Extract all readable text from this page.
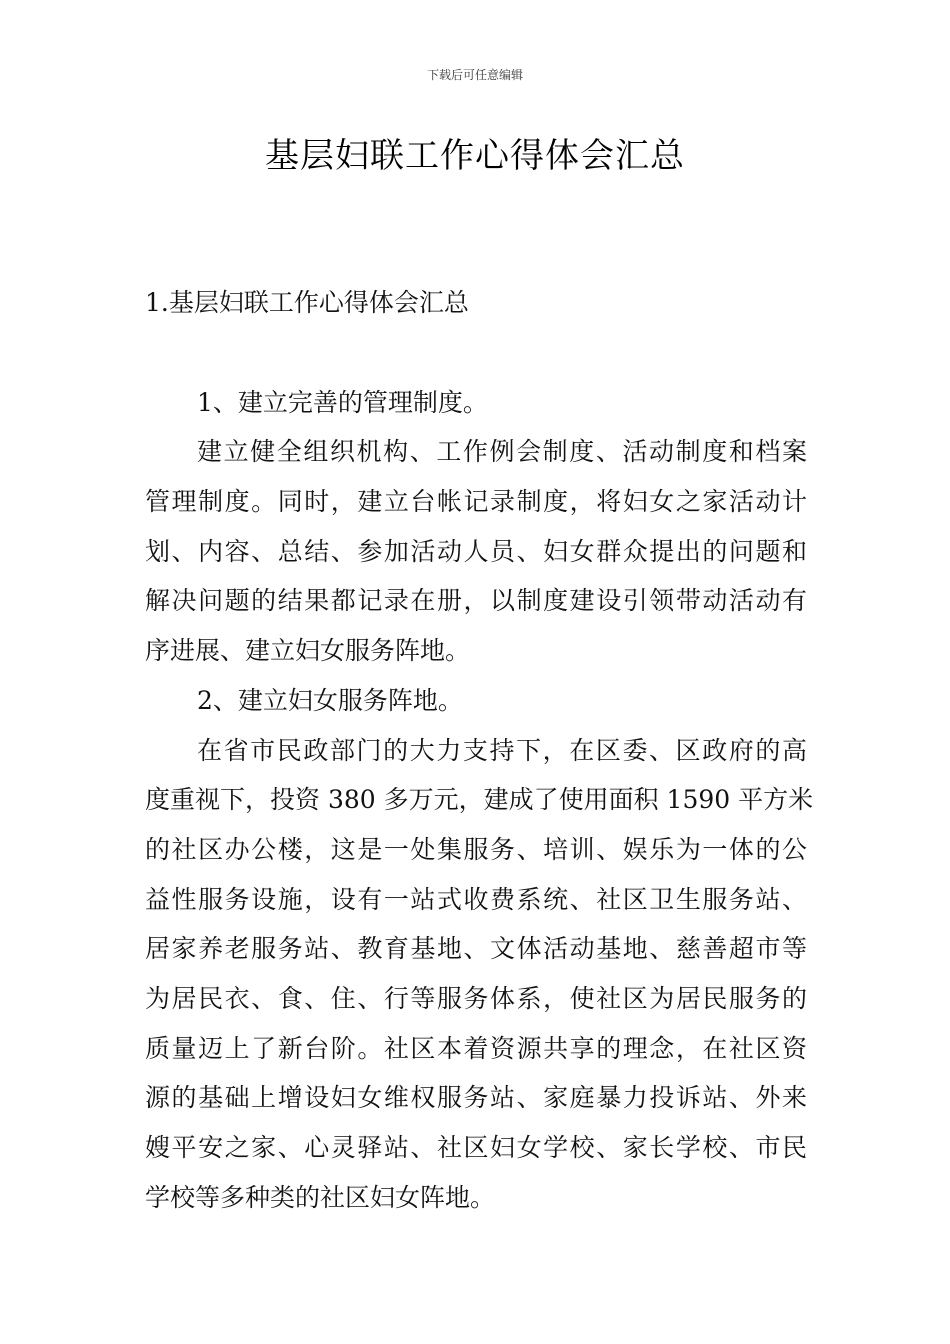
下载后可任意编辑
基层妇联工作心得体会汇总
1.基层妇联工作心得体会汇总
1、建立完善的管理制度。
建立健全组织机构、工作例会制度、活动制度和档案
管理制度。同时，建立台帐记录制度，将妇女之家活动计
划、内容、总结、参加活动人员、妇女群众提出的问题和
解决问题的结果都记录在册，以制度建设引领带动活动有
序进展、建立妇女服务阵地。
2、建立妇女服务阵地。
在省市民政部门的大力支持下，在区委、区政府的高
度重视下，投资 380 多万元，建成了使用面积 1590 平方米
的社区办公楼，这是一处集服务、培训、娱乐为一体的公
益性服务设施，设有一站式收费系统、社区卫生服务站、
居家养老服务站、教育基地、文体活动基地、慈善超市等
为居民衣、食、住、行等服务体系，使社区为居民服务的
质量迈上了新台阶。社区本着资源共享的理念，在社区资
源的基础上增设妇女维权服务站、家庭暴力投诉站、外来
嫂平安之家、心灵驿站、社区妇女学校、家长学校、市民
学校等多种类的社区妇女阵地。
